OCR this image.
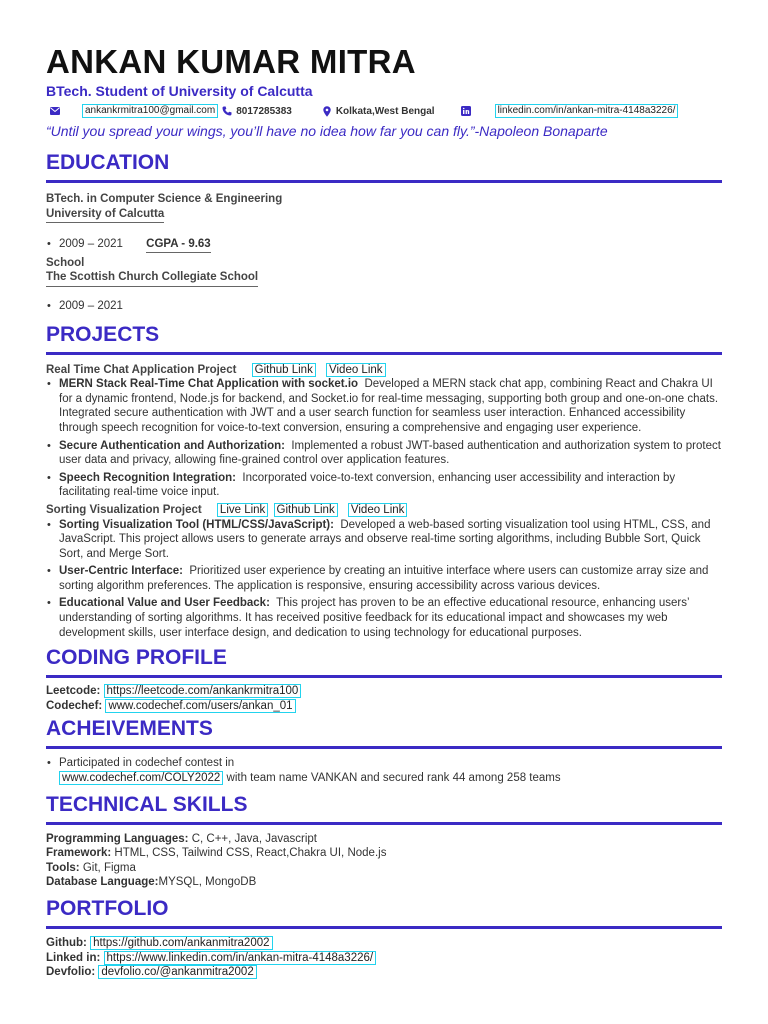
ANKAN KUMAR MITRA
BTech. Student of University of Calcutta
ankankrmitra100@gmail.com	8017285383	Kolkata,West Bengal	linkedin.com/in/ankan-mitra-4148a3226/
“Until you spread your wings, you’ll have no idea how far you can fly.”-Napoleon Bonaparte
EDUCATION
BTech. in Computer Science & Engineering
University of Calcutta
• 2009 – 2021 CGPA - 9.63
School
The Scottish Church Collegiate School
• 2009 – 2021
PROJECTS
Real Time Chat Application Project Github Link Video Link
• MERN Stack Real-Time Chat Application with socket.io Developed a MERN stack chat app, combining React and Chakra UI for a dynamic frontend, Node.js for backend, and Socket.io for real-time messaging, supporting both group and one-on-one chats. Integrated secure authentication with JWT and a user search function for seamless user interaction. Enhanced accessibility through speech recognition for voice-to-text conversion, ensuring a comprehensive and engaging user experience.
• Secure Authentication and Authorization: Implemented a robust JWT-based authentication and authorization system to protect user data and privacy, allowing fine-grained control over application features.
• Speech Recognition Integration: Incorporated voice-to-text conversion, enhancing user accessibility and interaction by facilitating real-time voice input.
Sorting Visualization Project Live Link Github Link Video Link
• Sorting Visualization Tool (HTML/CSS/JavaScript): Developed a web-based sorting visualization tool using HTML, CSS, and JavaScript. This project allows users to generate arrays and observe real-time sorting algorithms, including Bubble Sort, Quick Sort, and Merge Sort.
• User-Centric Interface: Prioritized user experience by creating an intuitive interface where users can customize array size and sorting algorithm preferences. The application is responsive, ensuring accessibility across various devices.
• Educational Value and User Feedback: This project has proven to be an effective educational resource, enhancing users’ understanding of sorting algorithms. It has received positive feedback for its educational impact and showcases my web development skills, user interface design, and dedication to using technology for educational purposes.
CODING PROFILE
Leetcode: https://leetcode.com/ankankrmitra100
Codechef: www.codechef.com/users/ankan_01
ACHEIVEMENTS
• Participated in codechef contest in
www.codechef.com/COLY2022 with team name VANKAN and secured rank 44 among 258 teams
TECHNICAL SKILLS
Programming Languages: C, C++, Java, Javascript
Framework: HTML, CSS, Tailwind CSS, React,Chakra UI, Node.js
Tools: Git, Figma
Database Language:MYSQL, MongoDB
PORTFOLIO
Github: https://github.com/ankanmitra2002
Linked in: https://www.linkedin.com/in/ankan-mitra-4148a3226/
Devfolio: devfolio.co/@ankanmitra2002
